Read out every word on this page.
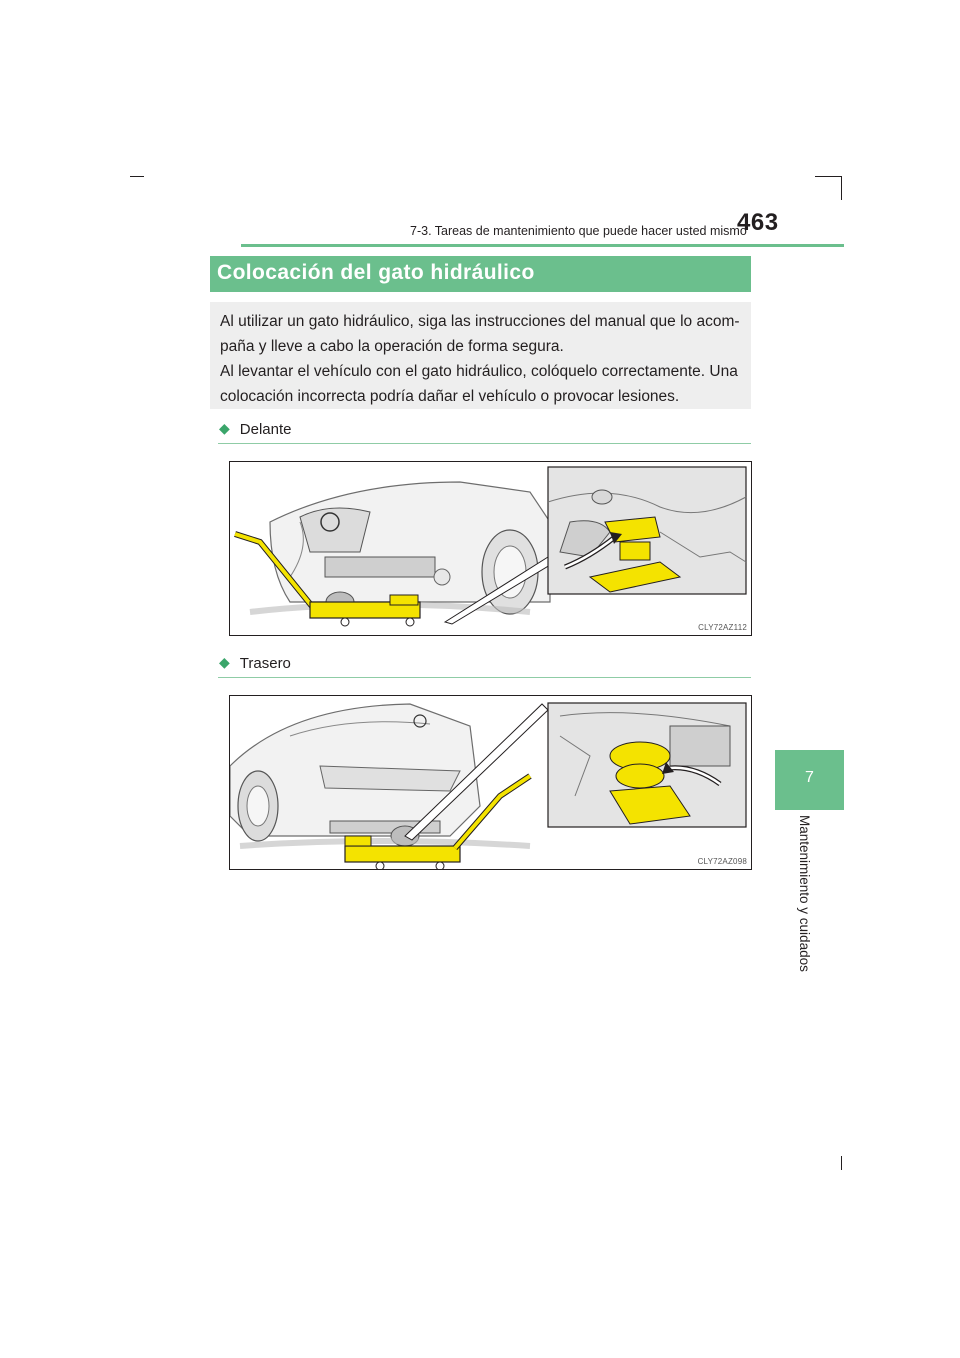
7-3. Tareas de mantenimiento que puede hacer usted mismo
463
7
Mantenimiento y cuidados
Colocación del gato hidráulico

Al utilizar un gato hidráulico, siga las instrucciones del manual que lo acom-paña y lleve a cabo la operación de forma segura.

Al levantar el vehículo con el gato hidráulico, colóquelo correctamente. Una colocación incorrecta podría dañar el vehículo o provocar lesiones.

◆ Delante
CLY72AZ112
◆ Trasero
CLY72AZ098
